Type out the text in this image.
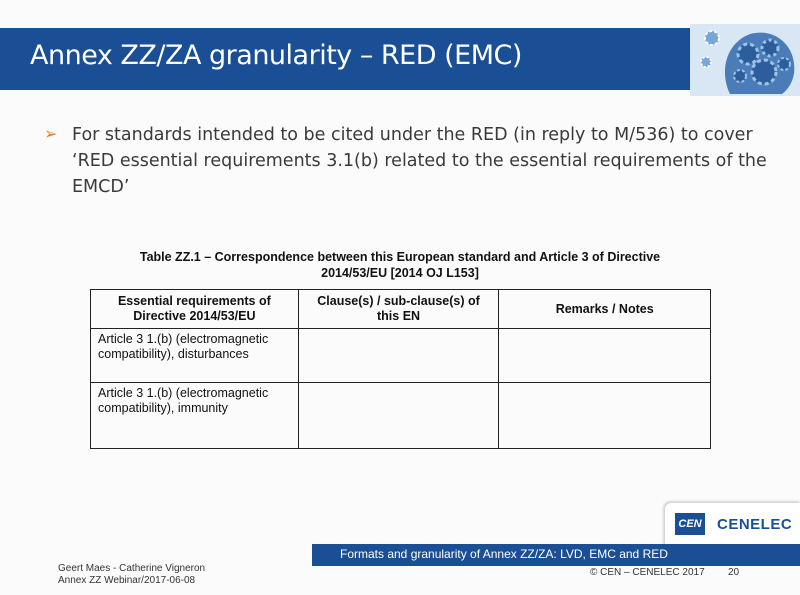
Annex ZZ/ZA granularity – RED (EMC)
➢ For standards intended to be cited under the RED (in reply to M/536) to cover ‘RED essential requirements 3.1(b) related to the essential requirements of the EMCD’
Table ZZ.1 – Correspondence between this European standard and Article 3 of Directive
2014/53/EU [2014 OJ L153]
Essential requirements of Directive 2014/53/EU	Clause(s) / sub-clause(s) of this EN	Remarks / Notes
Article 3 1.(b) (electromagnetic compatibility), disturbances		
Article 3 1.(b) (electromagnetic compatibility), immunity		
CEN CENELEC
Formats and granularity of Annex ZZ/ZA: LVD, EMC and RED
Geert Maes - Catherine Vigneron
Annex ZZ Webinar/2017-06-08
© CEN – CENELEC 2017 20
